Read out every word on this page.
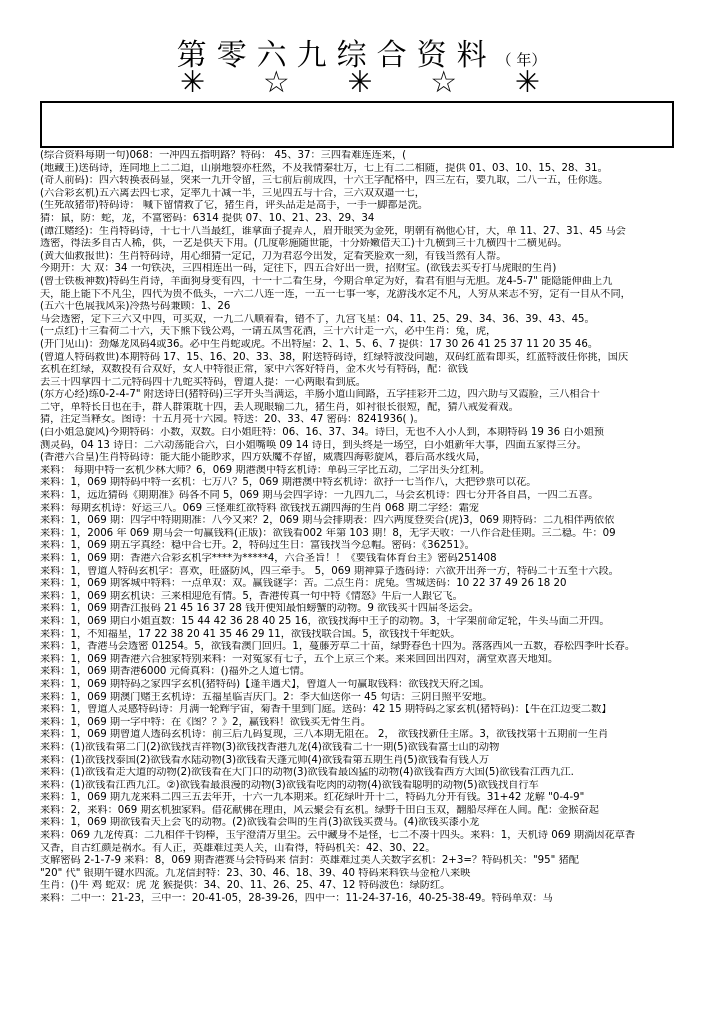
第零六九综合资料（ 年）
✳ ☆ ✳ ☆ ✳
(综合资料每期一句)068：一冲四五指明路？特码： 45、37：三四看难连连来，(
(地藏王)送码诗，连同地上二二迫，山崩地裂亦枉然，不及我情秦壮万，七上有二二相随，提供 01、03、10、15、28、31。
(奇人前码)：四六转换表码显，突来一九开令留，三七前后前成四，十六王字配格中，四三左右，要九取，二八一五，任你选。
(六合彩玄机)五六离去四七求，定率九十减一半，三见四五与十合，三六双双逼一七，
(生死故猪带)特码诗： 喊下留情救了它，猪生肖，评头品走是高手，一手一脚都是洗。
猜：鼠，防：蛇，龙，不富密码：6314 提供 07、10、21、23、29、34
(谭江赌经)：生肖特码诗，十七十八当最红，谁拿面子捉弄人，眉开眼笑为金死，明朝有祸他心甘，大，单 11、27、31、45 马会
透密，得法多自古人稀，供，一艺是供天下用。(几度彰施随世能，十分娇嫩借天工)十九横到三十九横四十二横见码。
(黄大仙救报世)：生肖特码诗，用心细猜一定记，刀为君忍今出发，定看笑脸欢一刻，有钱当然有人帮。
今期开：大 双：34 一句铁决，三四相连出一码，定往下，四五合好出一贵，招财宝。(欲钱去买专打马虎眼的生肖)
(曾士铁板神数)特码生肖诗，羊面狗身变有四，十一十二看生身，今期合单定为好，看君有胆与无胆。龙4-5-7" 能隐能伸曲上九
天，能上能下不凡尘，四代为贵不低头，一六二八连一连，一五一七事一零，龙游浅水定不凡，人穷从来志不穷，定有一目从不同，
(五六十色展我风采)冷热号码兼顾：1、26
马会透密，定下三六又中四，可买双，一九二八顺着看，错不了，九宫飞星：04、11、25、29、34、36、39、43、45。
(一点红)十三看荷二十六，天下熊下钱公鸡，一请五凤雪花酒，三十六计走一六，必中生肖：兔，虎，
(开门见山)：劲爆龙凤码4或36。必中生肖蛇或虎。不出特屋：2、1、5、6、7 提供：17 30 26 41 25 37 11 20 35 46。
(曾道人特码救世)本期特码 17、15、16、20、33、38，附送特码诗，红绿特波没问题，双码红蓝看即买，红蓝特波任你挑，国庆
玄机在红绿，双数投有合双好，女人中特很正常，家中六客好特肖，金木火号有特码，配：欲钱
去三十四拿四十二元特码四十九蛇买特码，曾道人提：一心两眼看到底。
(东方心经)练0-2-4-7" 附送诗曰(猪特码)三字开头当满运，羊肠小道山间路，五字挂彩开二边，四六助与又霞脸，三八相合十
二守，单特长日也在手，群人群策耽十四，丢人现眼输二九，猪生肖，如衬很长很短，配，猜八戒爱着戏。
猜，注定当释女。图诗：十五月亮十六园。特送：20、33、47 密码：8241936( )。
(白小姐急旋风)今期特码：小数，双数。白小姐旺特：06、16、37、34。诗曰，无也不入小人到，本期特码 19 36 白小姐预
测灵码，04 13 诗日：二六动荡能合六，白小姐嘴唤 09 14 诗日，到头终是一场空，白小姐新年大事，四面五家得三分。
(香港六合皇)生肖特码诗：能大能小能眇求，四方妖魔不存留，威震四海彰旋风，暮后高水线火局，
来料： 每期中特一玄机少林大师？6，069 期港澳中特玄机诗：单码三字比五动，二字出头分红利。
来料：1，069 期特码中特一玄机：七万八？5，069 期港澳中特玄机诗：欲抒一七当作八，大把钞票可以花。
来料：1，远近猜码《期期准》码各不同 5，069 期马会四字诗：一九四九二，马会玄机诗：四七分开各自昌，一四二五喜。
来料：每期玄机诗：好运三八。069 三怪难红欲特料 欲钱找五湖四海的生肖 068 期二字经：霜宠
来料：1，069 期：四字中特期期准：八今又来？2，069 期马会排期表：四六两度登奕合(虎)3，069 期特码：二九相伴两依依
来料：1，2006 年 069 期马会一句赢钱料(正版)：欲钱看002 年第 103 期！8，无字天收：一八作合赴佳期。三二稳。牛：09
来料：1，069 期五字真经：稳中合七开。2，特码过生日：富钱找当今总帽。密码：《36251》。
来料：1，069 期：香港六合彩玄机字****为*****4，六合圣旨！！《要钱看体育台主》密码251408
来料：1，曾道人特码玄机字：喜欢，旺盛防风，四三牵手。 5，069 期神算子透码诗：六欲开出奔一方，特码二十五至十六段。
来料：1，069 期客城中特料：一点单双：双。赢钱谜字：苦。二点生肖：虎兔。雪城送码：10 22 37 49 26 18 20
来料：1，069 期玄机诀：三来相迎危有情。5，香港传真一句中特《情怒》牛后一人跟它飞。
来料：1，069 期香江报码 21 45 16 37 28 钱开便知最怕螃蟹的动物。9 欲钱买十四届冬运会。
来料：1，069 期白小姐直数：15 44 42 36 28 40 25 16，欲钱找海中王子的动物。3，十字架前命定轮，牛头马面二开四。
来料：1，不知福星，17 22 38 20 41 35 46 29 11，欲钱找联合国。5，欲钱找千年蛇妖。
来料：1，香港马会透密 01254。5，欲钱看澳门回归。1，蔓藤芳草二十苗，绿野春色十四为。落落西风一五数，春松四季叶长春。
来料：1，069 期香港六合独家特别来料：一对冤家有七子，五个上京三个来。来来回回出四对，满堂欢喜天地知。
来料：1，069 期香港6000 元倚真料：()福外之人道七情。
来料：1，069 期特码之家四字玄机(猪特码)【逢羊遇犬】，曾道人一句赢取钱料：欲钱找天府之国。
来料：1，069 期澳门赌王玄机诗：五福星临吉庆门。2：李大仙送你一 45 句话：三阴日照平安地。
来料：1，曾道人灵感特码诗：月满一轮辉宇宙，菊香千里到门庭。送码：42 15 期特码之家玄机(猪特码)：【牛在江边变二数】
来料：1，069 期一字中特：在《图？？》2，赢钱料！欲钱买无骨生肖。
来料：1，069 期曾道人透码玄机诗：前三后九码复现，三八本期无阻在。 2， 欲钱找新任主席。3，欲钱找第十五期前一生肖
来料：(1)欲钱看第二门(2)欲钱找吉祥物(3)欲钱找香港九龙(4)欲钱看二十一期(5)欲钱看富士山的动物
来料：(1)欲钱找泰国(2)欲钱看水陆动物(3)欲钱看天蓬元帅(4)欲钱看第五期生肖(5)欲钱看有钱人万
来料：(1)欲钱看走大道的动物(2)欲钱看在大门口的动物(3)欲钱看最凶猛的动物(4)欲钱看西方大国(5)欲钱看江西九江.
来料：(1)欲钱看江西九江。②)欲钱看最浪漫的动物(3)欲钱看吃肉的动物(4)欲钱看聪明的动物(5)欲钱找自行车
来料：1，069 期九龙来料二四三五去年开，十六一九本期来。红花绿叶开十二，特码九分开有钱。31+42 龙解 "0-4-9"
来料：2，来料：069 期玄机独家料。借花献佛在理由，风云聚会有玄机。绿野千田白玉双，翻船尽痒在人间。配：金猴奋起
来料：1，069 期欲钱看天上会飞的动物。(2)欲钱看会叫的生肖(3)欲钱买费马。(4)欲钱买漆小龙
来料：069 九龙传真：二九相伴千钧棒，玉宇澄清万里尘。云中藏身不是怪，七二不凑十四头。来料：1，天机诗 069 期淌因花草香
又香，自古红颜是祸水。有人正，英雄难过美人关，山看得，特码机关：42、30、22。
支解密码 2-1-7-9 来料：8，069 期香港赛马会特码来 信封：英雄难过美人关数字玄机：2+3=？特码机关："95" 猪配
"20" 代" 银期午键水四流。九龙信封特：23、30、46、18、39、40 特码来料铁马金枪八来映
生肖：()牛 鸡 蛇双：虎 龙 猴提供：34、20、11、26、25、47、12 特码波色：绿防红。
来料：二中一：21-23，三中一：20-41-05，28-39-26，四中一：11-24-37-16，40-25-38-49。特码单双：马
